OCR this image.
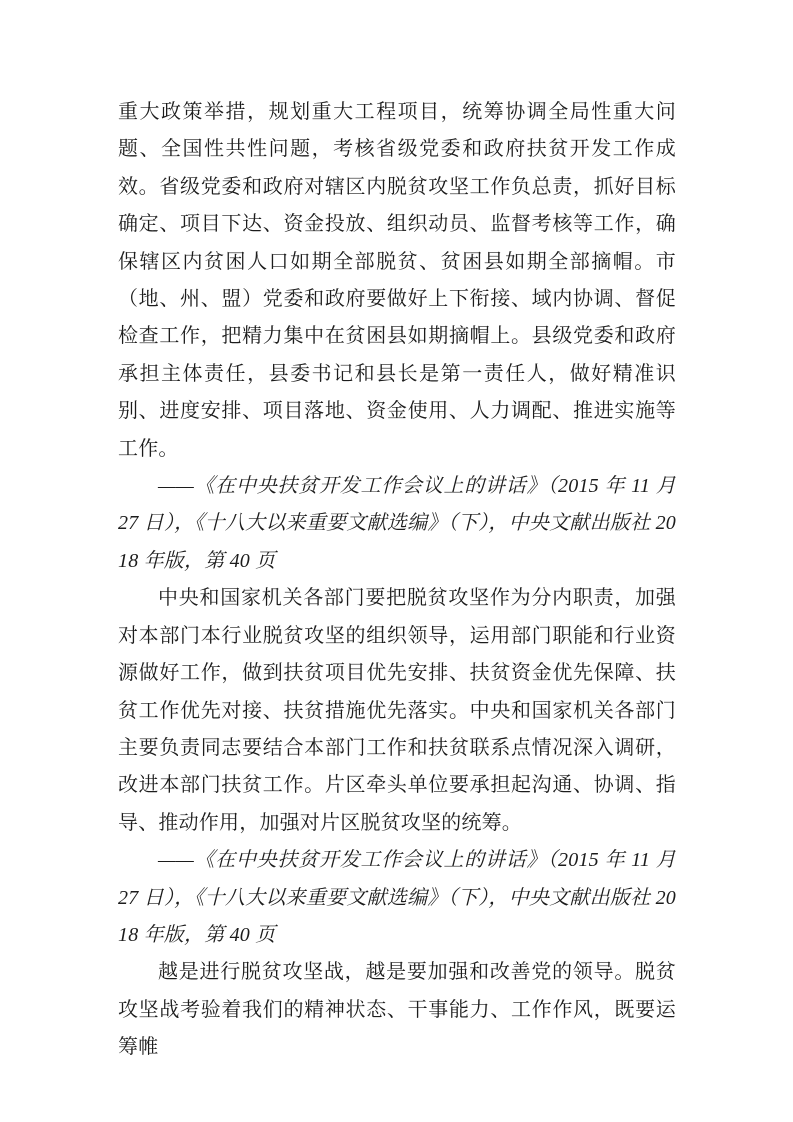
重大政策举措，规划重大工程项目，统筹协调全局性重大问题、全国性共性问题，考核省级党委和政府扶贫开发工作成效。省级党委和政府对辖区内脱贫攻坚工作负总责，抓好目标确定、项目下达、资金投放、组织动员、监督考核等工作，确保辖区内贫困人口如期全部脱贫、贫困县如期全部摘帽。市（地、州、盟）党委和政府要做好上下衔接、域内协调、督促检查工作，把精力集中在贫困县如期摘帽上。县级党委和政府承担主体责任，县委书记和县长是第一责任人，做好精准识别、进度安排、项目落地、资金使用、人力调配、推进实施等工作。

——《在中央扶贫开发工作会议上的讲话》（2015 年 11 月 27 日），《十八大以来重要文献选编》（下），中央文献出版社 2018 年版，第 40 页

中央和国家机关各部门要把脱贫攻坚作为分内职责，加强对本部门本行业脱贫攻坚的组织领导，运用部门职能和行业资源做好工作，做到扶贫项目优先安排、扶贫资金优先保障、扶贫工作优先对接、扶贫措施优先落实。中央和国家机关各部门主要负责同志要结合本部门工作和扶贫联系点情况深入调研，改进本部门扶贫工作。片区牵头单位要承担起沟通、协调、指导、推动作用，加强对片区脱贫攻坚的统筹。

——《在中央扶贫开发工作会议上的讲话》（2015 年 11 月 27 日），《十八大以来重要文献选编》（下），中央文献出版社 2018 年版，第 40 页

越是进行脱贫攻坚战，越是要加强和改善党的领导。脱贫攻坚战考验着我们的精神状态、干事能力、工作作风，既要运筹帷
